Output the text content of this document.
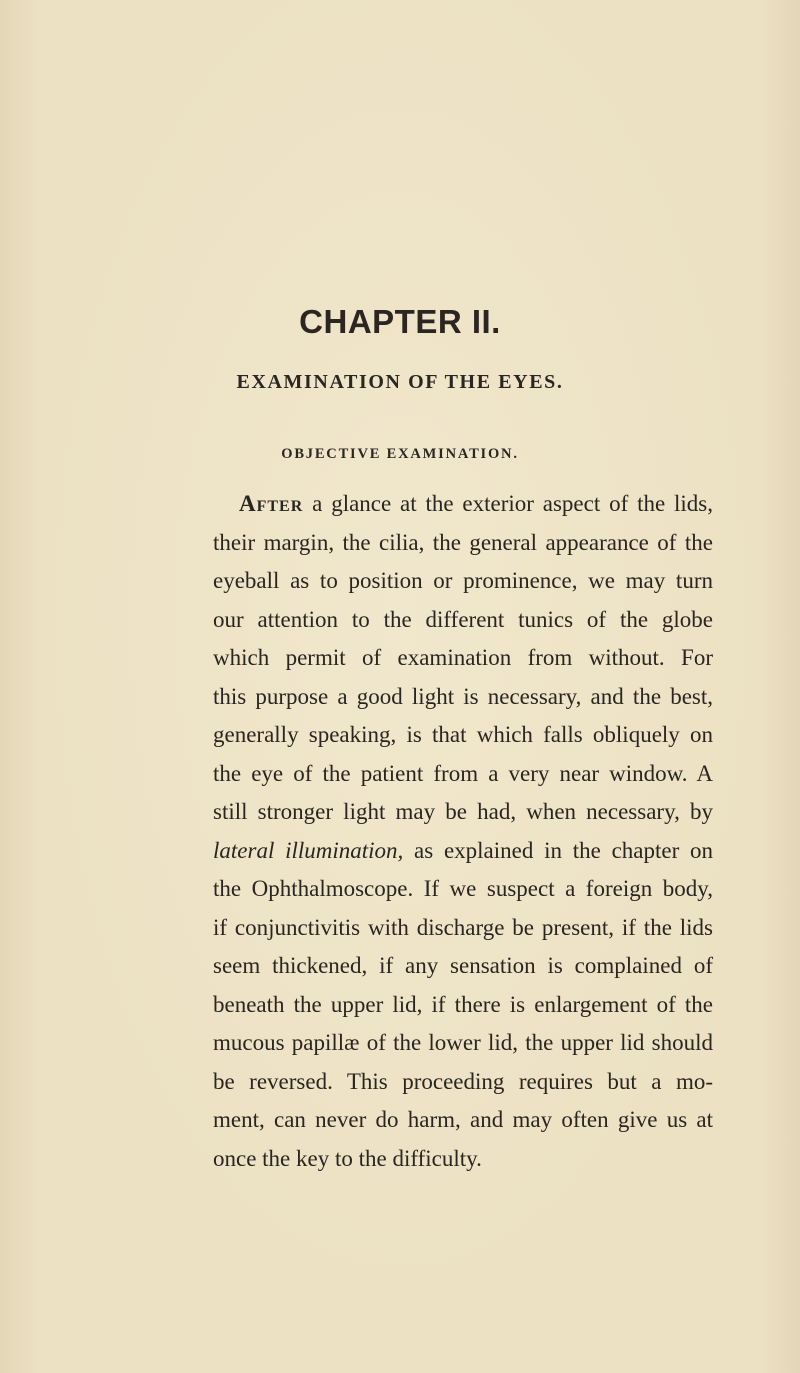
CHAPTER II.
EXAMINATION OF THE EYES.
OBJECTIVE EXAMINATION.
After a glance at the exterior aspect of the lids,
their margin, the cilia, the general appearance of the
eyeball as to position or prominence, we may turn
our attention to the different tunics of the globe
which permit of examination from without. For
this purpose a good light is necessary, and the best,
generally speaking, is that which falls obliquely on
the eye of the patient from a very near window. A
still stronger light may be had, when necessary, by
lateral illumination, as explained in the chapter on
the Ophthalmoscope. If we suspect a foreign body,
if conjunctivitis with discharge be present, if the lids
seem thickened, if any sensation is complained of
beneath the upper lid, if there is enlargement of the
mucous papillæ of the lower lid, the upper lid should
be reversed. This proceeding requires but a mo-
ment, can never do harm, and may often give us at
once the key to the difficulty.
